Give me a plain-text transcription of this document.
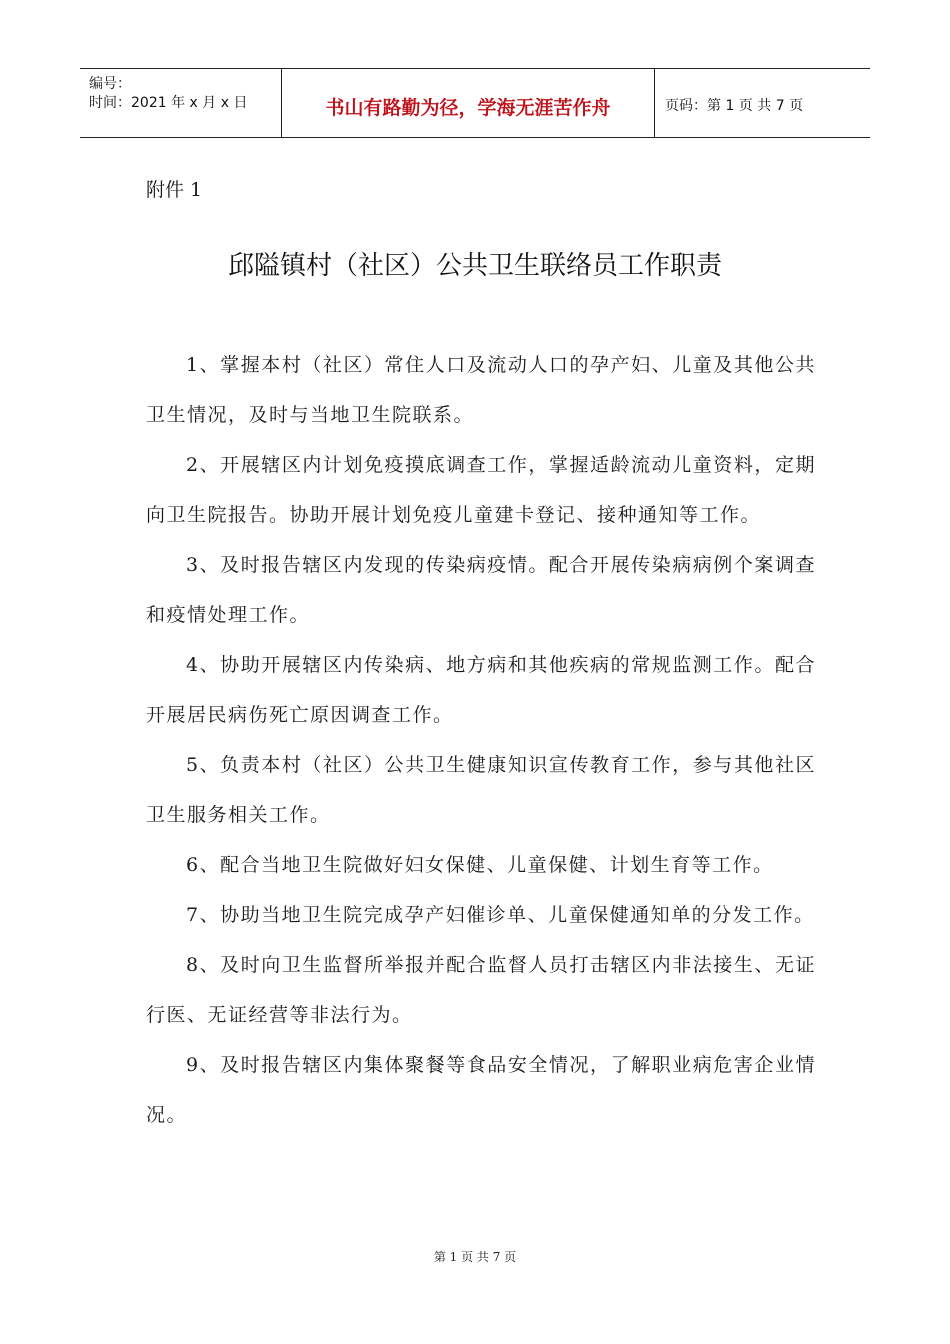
编号：
时间：2021 年 x 月 x 日	书山有路勤为径，学海无涯苦作舟	页码：第 1 页 共 7 页
附件 1
邱隘镇村（社区）公共卫生联络员工作职责

1、掌握本村（社区）常住人口及流动人口的孕产妇、儿童及其他公共卫生情况，及时与当地卫生院联系。

2、开展辖区内计划免疫摸底调查工作，掌握适龄流动儿童资料，定期向卫生院报告。协助开展计划免疫儿童建卡登记、接种通知等工作。

3、及时报告辖区内发现的传染病疫情。配合开展传染病病例个案调查和疫情处理工作。

4、协助开展辖区内传染病、地方病和其他疾病的常规监测工作。配合开展居民病伤死亡原因调查工作。

5、负责本村（社区）公共卫生健康知识宣传教育工作，参与其他社区卫生服务相关工作。

6、配合当地卫生院做好妇女保健、儿童保健、计划生育等工作。

7、协助当地卫生院完成孕产妇催诊单、儿童保健通知单的分发工作。

8、及时向卫生监督所举报并配合监督人员打击辖区内非法接生、无证行医、无证经营等非法行为。

9、及时报告辖区内集体聚餐等食品安全情况，了解职业病危害企业情况。

第 1 页 共 7 页
